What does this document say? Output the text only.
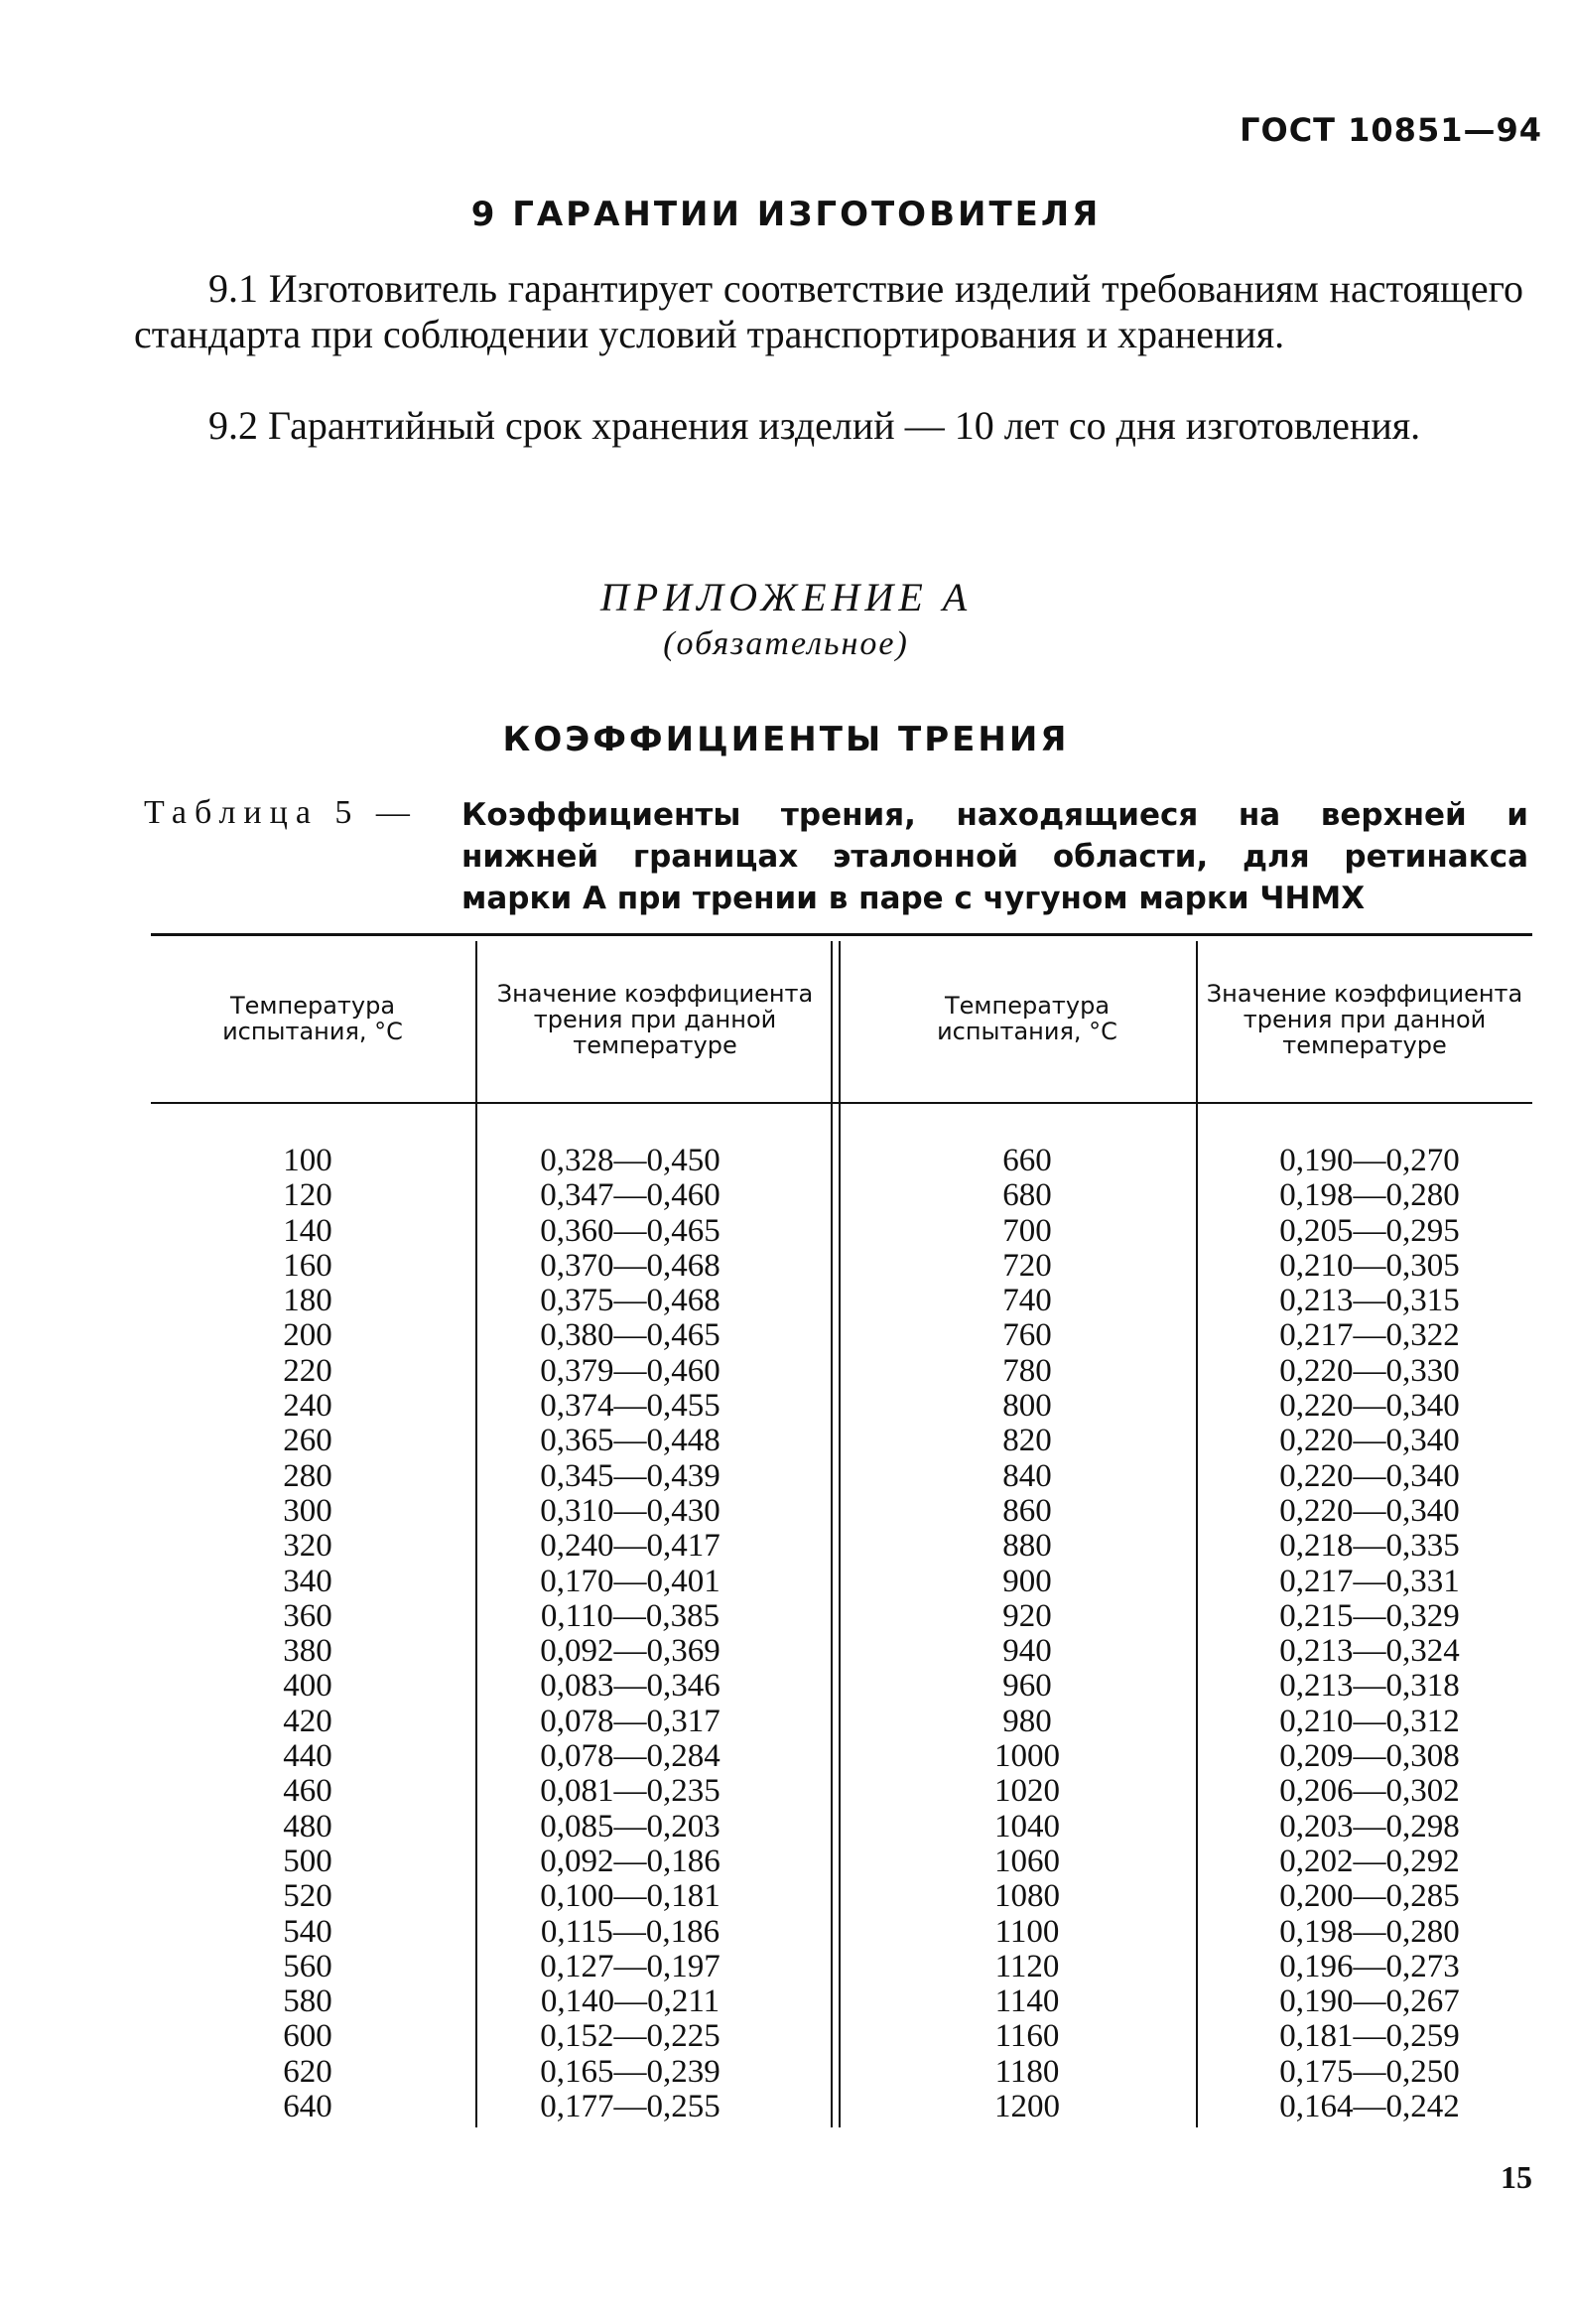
ГОСТ 10851—94
9 ГАРАНТИИ ИЗГОТОВИТЕЛЯ
9.1 Изготовитель гарантирует соответствие изделий требованиям настоящего стандарта при соблюдении условий транспортирования и хранения.
9.2 Гарантийный срок хранения изделий — 10 лет со дня изготовления.
ПРИЛОЖЕНИЕ А
(обязательное)
КОЭФФИЦИЕНТЫ ТРЕНИЯ
Таблица 5 — Коэффициенты трения, находящиеся на верхней и нижней границах эталонной области, для ретинакса марки А при трении в паре с чугуном марки ЧНМХ
Температура испытания, °С
Значение коэффициента трения при данной температуре
Температура испытания, °С
Значение коэффициента трения при данной температуре
100
120
140
160
180
200
220
240
260
280
300
320
340
360
380
400
420
440
460
480
500
520
540
560
580
600
620
640
0,328—0,450
0,347—0,460
0,360—0,465
0,370—0,468
0,375—0,468
0,380—0,465
0,379—0,460
0,374—0,455
0,365—0,448
0,345—0,439
0,310—0,430
0,240—0,417
0,170—0,401
0,110—0,385
0,092—0,369
0,083—0,346
0,078—0,317
0,078—0,284
0,081—0,235
0,085—0,203
0,092—0,186
0,100—0,181
0,115—0,186
0,127—0,197
0,140—0,211
0,152—0,225
0,165—0,239
0,177—0,255
660
680
700
720
740
760
780
800
820
840
860
880
900
920
940
960
980
1000
1020
1040
1060
1080
1100
1120
1140
1160
1180
1200
0,190—0,270
0,198—0,280
0,205—0,295
0,210—0,305
0,213—0,315
0,217—0,322
0,220—0,330
0,220—0,340
0,220—0,340
0,220—0,340
0,220—0,340
0,218—0,335
0,217—0,331
0,215—0,329
0,213—0,324
0,213—0,318
0,210—0,312
0,209—0,308
0,206—0,302
0,203—0,298
0,202—0,292
0,200—0,285
0,198—0,280
0,196—0,273
0,190—0,267
0,181—0,259
0,175—0,250
0,164—0,242
15
